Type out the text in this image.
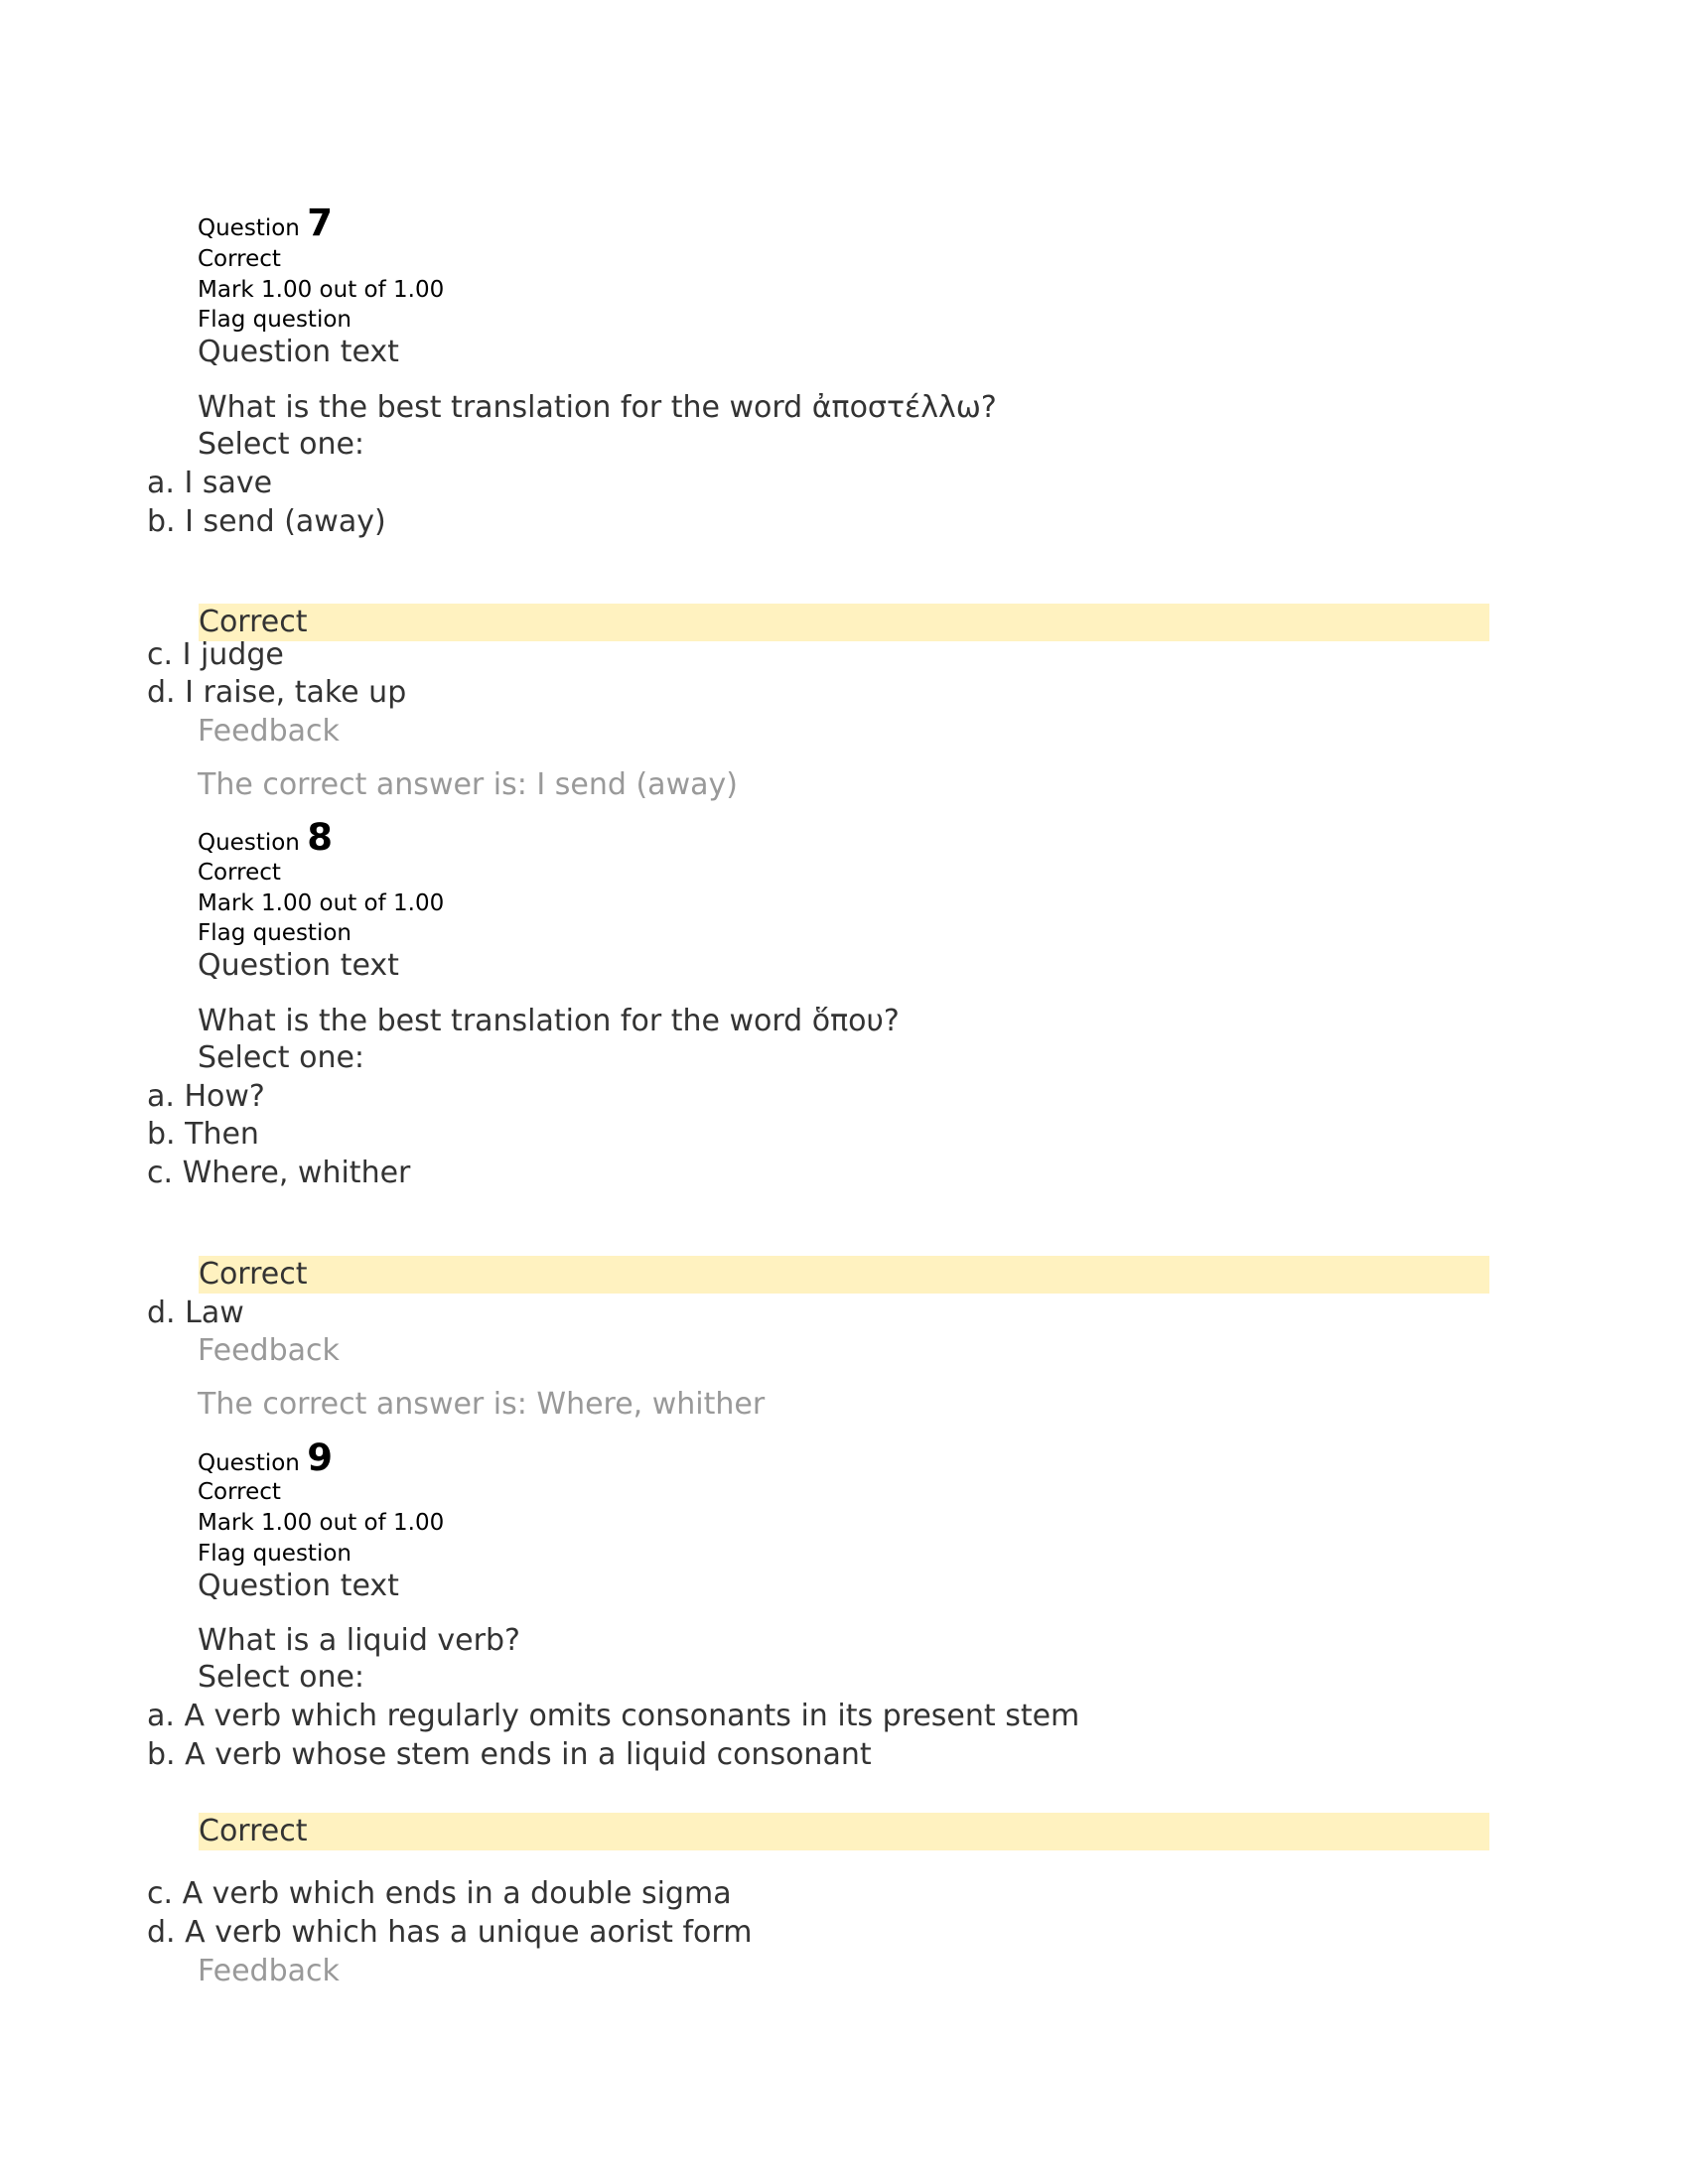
Question 7
Correct
Mark 1.00 out of 1.00
Flag question
Question text
What is the best translation for the word ἀποστέλλω?
Select one:
a. I save
b. I send (away)
Correct
c. I judge
d. I raise, take up
Feedback
The correct answer is: I send (away)
Question 8
Correct
Mark 1.00 out of 1.00
Flag question
Question text
What is the best translation for the word ὅπου?
Select one:
a. How?
b. Then
c. Where, whither
Correct
d. Law
Feedback
The correct answer is: Where, whither
Question 9
Correct
Mark 1.00 out of 1.00
Flag question
Question text
What is a liquid verb?
Select one:
a. A verb which regularly omits consonants in its present stem
b. A verb whose stem ends in a liquid consonant
Correct
c. A verb which ends in a double sigma
d. A verb which has a unique aorist form
Feedback
